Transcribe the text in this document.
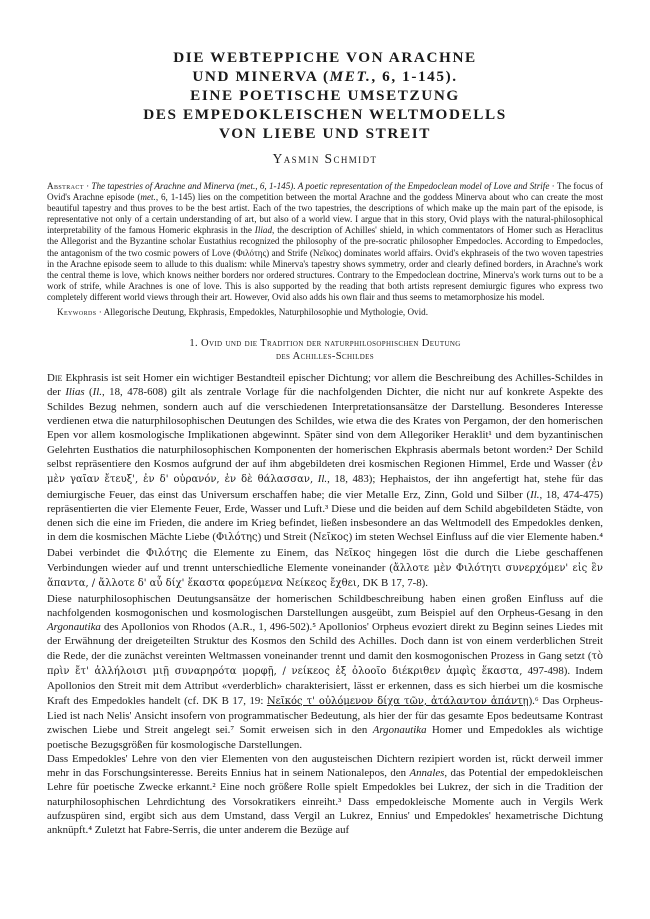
DIE WEBTEPPICHE VON ARACHNE
UND MINERVA (MET., 6, 1-145).
EINE POETISCHE UMSETZUNG
DES EMPEDOKLEISCHEN WELTMODELLS
VON LIEBE UND STREIT
Yasmin Schmidt

Abstract · The tapestries of Arachne and Minerva (met., 6, 1-145). A poetic representation of the Empedoclean model of Love and Strife · The focus of Ovid's Arachne episode (met., 6, 1-145) lies on the competition between the mortal Arachne and the goddess Minerva about who can create the most beautiful tapestry and thus proves to be the best artist. Each of the two tapestries, the descriptions of which make up the main part of the episode, is representative not only of a certain understanding of art, but also of a world view. I argue that in this story, Ovid plays with the natural-philosophical interpretability of the famous Homeric ekphrasis in the Iliad, the description of Achilles' shield, in which commentators of Homer such as Heraclitus the Allegorist and the Byzantine scholar Eustathius recognized the philosophy of the pre-socratic philosopher Empedocles. According to Empedocles, the antagonism of the two cosmic powers of Love (Φιλότης) and Strife (Νεῖκος) dominates world affairs. Ovid's ekphraseis of the two woven tapestries in the Arachne episode seem to allude to this dualism: while Minerva's tapestry shows symmetry, order and clearly defined borders, in Arachne's work the central theme is love, which knows neither borders nor ordered structures. Contrary to the Empedoclean doctrine, Minerva's work turns out to be a work of strife, while Arachnes is one of love. This is also supported by the reading that both artists represent demiurgic figures who express two completely different world views through their art. However, Ovid also adds his own flair and thus seems to metamorphosize his model.

Keywords · Allegorische Deutung, Ekphrasis, Empedokles, Naturphilosophie und Mythologie, Ovid.

1. Ovid und die Tradition der naturphilosophischen Deutung
des Achilles-Schildes

Die Ekphrasis ist seit Homer ein wichtiger Bestandteil epischer Dichtung; vor allem die Beschreibung des Achilles-Schildes in der Ilias (Il., 18, 478-608) gilt als zentrale Vorlage für die nachfolgenden Dichter, die nicht nur auf konkrete Aspekte des Schildes Bezug nehmen, sondern auch auf die verschiedenen Interpretationsansätze der Darstellung. Besonderes Interesse verdienen etwa die naturphilosophischen Deutungen des Schildes, wie etwa die des Krates von Pergamon, der den homerischen Epen vor allem kosmologische Implikationen abgewinnt. Später sind von dem Allegoriker Heraklit¹ und dem byzantinischen Gelehrten Eusthatios die naturphilosophischen Komponenten der homerischen Ekphrasis abermals betont worden:² Der Schild selbst repräsentiere den Kosmos aufgrund der auf ihm abgebildeten drei kosmischen Regionen Himmel, Erde und Wasser (ἐν μὲν γαῖαν ἔτευξ', ἐν δ' οὐρανόν, ἐν δὲ θάλασσαν, Il., 18, 483); Hephaistos, der ihn angefertigt hat, stehe für das demiurgische Feuer, das einst das Universum erschaffen habe; die vier Metalle Erz, Zinn, Gold und Silber (Il., 18, 474-475) repräsentierten die vier Elemente Feuer, Erde, Wasser und Luft.³ Diese und die beiden auf dem Schild abgebildeten Städte, von denen sich die eine im Frieden, die andere im Krieg befindet, ließen insbesondere an das Weltmodell des Empedokles denken, in dem die kosmischen Mächte Liebe (Φιλότης) und Streit (Νεῖκος) im steten Wechsel Einfluss auf die vier Elemente haben.⁴ Dabei verbindet die Φιλότης die Elemente zu Einem, das Νεῖκος hingegen löst die durch die Liebe geschaffenen Verbindungen wieder auf und trennt unterschiedliche Elemente voneinander (ἄλλοτε μὲν Φιλότητι συνερχόμεν' εἰς ἓν ἅπαντα, / ἄλλοτε δ' αὖ δίχ' ἕκαστα φορεύμενα Νείκεος ἔχθει, DK B 17, 7-8).

Diese naturphilosophischen Deutungsansätze der homerischen Schildbeschreibung haben einen großen Einfluss auf die nachfolgenden kosmogonischen und kosmologischen Darstellungen ausgeübt, zum Beispiel auf den Orpheus-Gesang in den Argonautika des Apollonios von Rhodos (A.R., 1, 496-502).⁵ Apollonios' Orpheus evoziert direkt zu Beginn seines Liedes mit der Erwähnung der dreigeteilten Struktur des Kosmos den Schild des Achilles. Doch dann ist von einem verderblichen Streit die Rede, der die zunächst vereinten Weltmassen voneinander trennt und damit den kosmogonischen Prozess in Gang setzt (τὸ πρὶν ἔτ' ἀλλήλοισι μιῇ συναρηρότα μορφῇ, / νείκεος ἐξ ὀλοοῖο διέκριθεν ἀμφὶς ἕκαστα, 497-498). Indem Apollonios den Streit mit dem Attribut «verderblich» charakterisiert, lässt er erkennen, dass es sich hierbei um die kosmische Kraft des Empedokles handelt (cf. DK B 17, 19: Νεῖκός τ' οὐλόμενον δίχα τῶν, ἀτάλαντον ἁπάντῃ).⁶ Das Orpheus-Lied ist nach Nelis' Ansicht insofern von programmatischer Bedeutung, als hier der für das gesamte Epos bedeutsame Kontrast zwischen Liebe und Streit angelegt sei.⁷ Somit erweisen sich in den Argonautika Homer und Empedokles als wichtige poetische Bezugsgrößen für kosmologische Darstellungen.

Dass Empedokles' Lehre von den vier Elementen von den augusteischen Dichtern rezipiert worden ist, rückt derweil immer mehr in das Forschungsinteresse. Bereits Ennius hat in seinem Nationalepos, den Annales, das Potential der empedokleischen Lehre für poetische Zwecke erkannt.² Eine noch größere Rolle spielt Empedokles bei Lukrez, der sich in die Tradition der naturphilosophischen Lehrdichtung des Vorsokratikers einreiht.³ Dass empedokleische Momente auch in Vergils Werk aufzuspüren sind, ergibt sich aus dem Umstand, dass Vergil an Lukrez, Ennius' und Empedokles' hexametrische Dichtung anknüpft.⁴ Zuletzt hat Fabre-Serris, die unter anderem die Bezüge auf
